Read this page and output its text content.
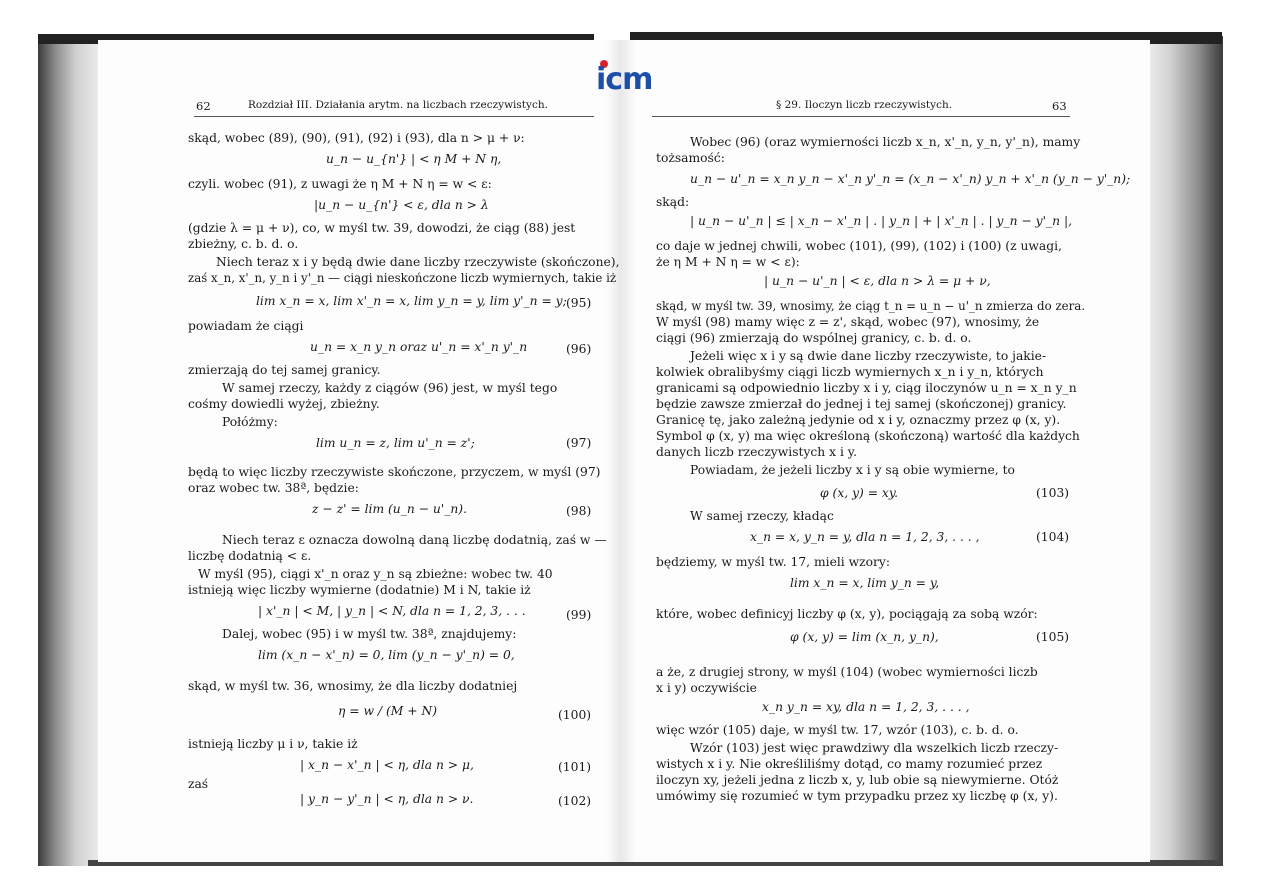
icm
62	Rozdział III. Działania arytm. na liczbach rzeczywistych.
skąd, wobec (89), (90), (91), (92) i (93), dla n > μ + ν:
u_n − u_{n'} | < η M + N η,
czyli. wobec (91), z uwagi że η M + N η = w < ε:
|u_n − u_{n'} < ε, dla n > λ
(gdzie λ = μ + ν), co, w myśl tw. 39, dowodzi, że ciąg (88) jest
zbieżny, c. b. d. o.
Niech teraz x i y będą dwie dane liczby rzeczywiste (skończone),
zaś x_n, x'_n, y_n i y'_n — ciągi nieskończone liczb wymiernych, takie iż
lim x_n = x, lim x'_n = x, lim y_n = y, lim y'_n = y; (95)
powiadam że ciągi
u_n = x_n y_n oraz u'_n = x'_n y'_n	(96)
zmierzają do tej samej granicy.
W samej rzeczy, każdy z ciągów (96) jest, w myśl tego
cośmy dowiedli wyżej, zbieżny.
Połóżmy:
lim u_n = z, lim u'_n = z';	(97)
będą to więc liczby rzeczywiste skończone, przyczem, w myśl (97)
oraz wobec tw. 38ª, będzie:
z − z' = lim (u_n − u'_n).	(98)
Niech teraz ε oznacza dowolną daną liczbę dodatnią, zaś w —
liczbę dodatnią < ε.
W myśl (95), ciągi x'_n oraz y_n są zbieżne: wobec tw. 40
istnieją więc liczby wymierne (dodatnie) M i N, takie iż
| x'_n | < M, | y_n | < N, dla n = 1, 2, 3, . . .	(99)
Dalej, wobec (95) i w myśl tw. 38ª, znajdujemy:
lim (x_n − x'_n) = 0, lim (y_n − y'_n) = 0,
skąd, w myśl tw. 36, wnosimy, że dla liczby dodatniej
η = w / (M + N)	(100)
istnieją liczby μ i ν, takie iż
| x_n − x'_n | < η, dla n > μ,	(101)
zaś
| y_n − y'_n | < η, dla n > ν.	(102)
§ 29. Iloczyn liczb rzeczywistych.	63
Wobec (96) (oraz wymierności liczb x_n, x'_n, y_n, y'_n), mamy
tożsamość:
u_n − u'_n = x_n y_n − x'_n y'_n = (x_n − x'_n) y_n + x'_n (y_n − y'_n);
skąd:
| u_n − u'_n | ≤ | x_n − x'_n | . | y_n | + | x'_n | . | y_n − y'_n |,
co daje w jednej chwili, wobec (101), (99), (102) i (100) (z uwagi,
że η M + N η = w < ε):
| u_n − u'_n | < ε, dla n > λ = μ + ν,
skąd, w myśl tw. 39, wnosimy, że ciąg t_n = u_n − u'_n zmierza do zera.
W myśl (98) mamy więc z = z', skąd, wobec (97), wnosimy, że
ciągi (96) zmierzają do wspólnej granicy, c. b. d. o.
Jeżeli więc x i y są dwie dane liczby rzeczywiste, to jakie-
kolwiek obralibyśmy ciągi liczb wymiernych x_n i y_n, których
granicami są odpowiednio liczby x i y, ciąg iloczynów u_n = x_n y_n
będzie zawsze zmierzał do jednej i tej samej (skończonej) granicy.
Granicę tę, jako zależną jedynie od x i y, oznaczmy przez φ (x, y).
Symbol φ (x, y) ma więc określoną (skończoną) wartość dla każdych
danych liczb rzeczywistych x i y.
Powiadam, że jeżeli liczby x i y są obie wymierne, to
φ (x, y) = xy.	(103)
W samej rzeczy, kładąc
x_n = x, y_n = y, dla n = 1, 2, 3, . . . ,	(104)
będziemy, w myśl tw. 17, mieli wzory:
lim x_n = x, lim y_n = y,
które, wobec definicyj liczby φ (x, y), pociągają za sobą wzór:
φ (x, y) = lim (x_n, y_n),	(105)
a że, z drugiej strony, w myśl (104) (wobec wymierności liczb
x i y) oczywiście
x_n y_n = xy, dla n = 1, 2, 3, . . . ,
więc wzór (105) daje, w myśl tw. 17, wzór (103), c. b. d. o.
Wzór (103) jest więc prawdziwy dla wszelkich liczb rzeczy-
wistych x i y. Nie określiliśmy dotąd, co mamy rozumieć przez
iloczyn xy, jeżeli jedna z liczb x, y, lub obie są niewymierne. Otóż
umówimy się rozumieć w tym przypadku przez xy liczbę φ (x, y).
